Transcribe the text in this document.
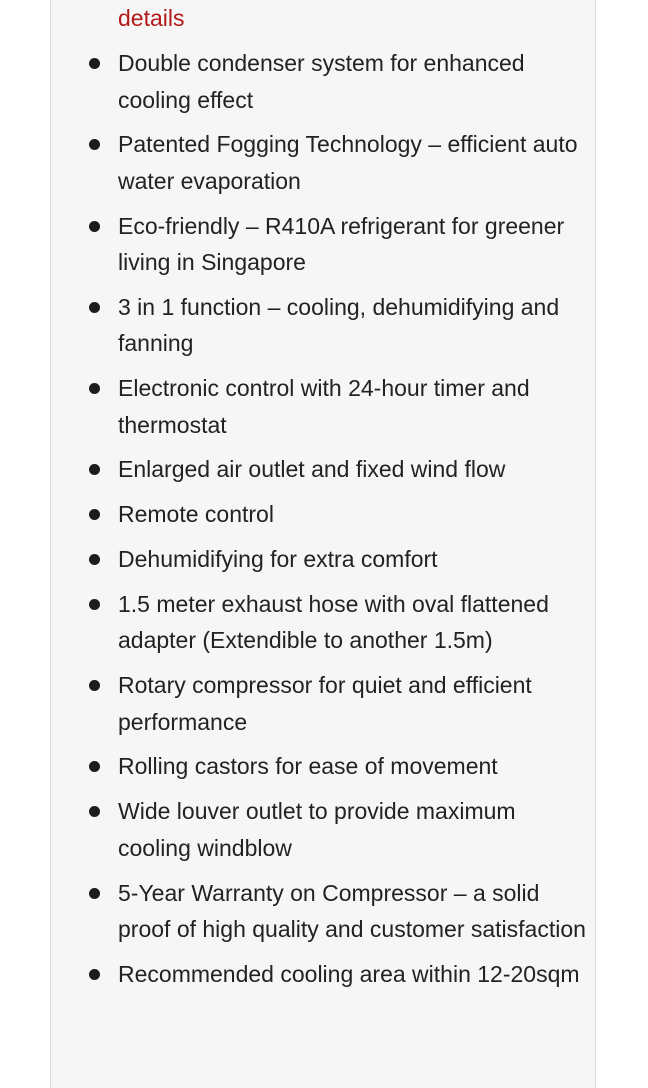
details
Double condenser system for enhanced cooling effect
Patented Fogging Technology – efficient auto water evaporation
Eco-friendly – R410A refrigerant for greener living in Singapore
3 in 1 function – cooling, dehumidifying and fanning
Electronic control with 24-hour timer and thermostat
Enlarged air outlet and fixed wind flow
Remote control
Dehumidifying for extra comfort
1.5 meter exhaust hose with oval flattened adapter (Extendible to another 1.5m)
Rotary compressor for quiet and efficient performance
Rolling castors for ease of movement
Wide louver outlet to provide maximum cooling windblow
5-Year Warranty on Compressor – a solid proof of high quality and customer satisfaction
Recommended cooling area within 12-20sqm
